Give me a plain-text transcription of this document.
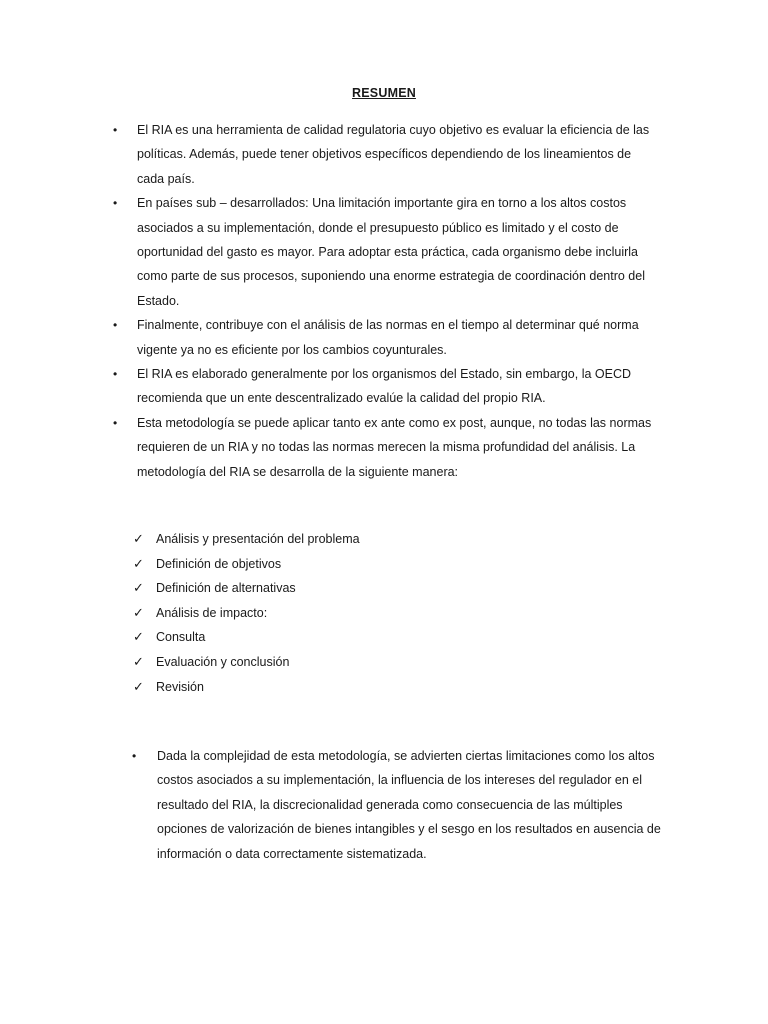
RESUMEN
• El RIA es una herramienta de calidad regulatoria cuyo objetivo es evaluar la eficiencia de las políticas. Además, puede tener objetivos específicos dependiendo de los lineamientos de cada país.
• En países sub – desarrollados: Una limitación importante gira en torno a los altos costos asociados a su implementación, donde el presupuesto público es limitado y el costo de oportunidad del gasto es mayor. Para adoptar esta práctica, cada organismo debe incluirla como parte de sus procesos, suponiendo una enorme estrategia de coordinación dentro del Estado.
• Finalmente, contribuye con el análisis de las normas en el tiempo al determinar qué norma vigente ya no es eficiente por los cambios coyunturales.
• El RIA es elaborado generalmente por los organismos del Estado, sin embargo, la OECD recomienda que un ente descentralizado evalúe la calidad del propio RIA.
• Esta metodología se puede aplicar tanto ex ante como ex post, aunque, no todas las normas requieren de un RIA y no todas las normas merecen la misma profundidad del análisis. La metodología del RIA se desarrolla de la siguiente manera:
✓ Análisis y presentación del problema
✓ Definición de objetivos
✓ Definición de alternativas
✓ Análisis de impacto:
✓ Consulta
✓ Evaluación y conclusión
✓ Revisión
• Dada la complejidad de esta metodología, se advierten ciertas limitaciones como los altos costos asociados a su implementación, la influencia de los intereses del regulador en el resultado del RIA, la discrecionalidad generada como consecuencia de las múltiples opciones de valorización de bienes intangibles y el sesgo en los resultados en ausencia de información o data correctamente sistematizada.
